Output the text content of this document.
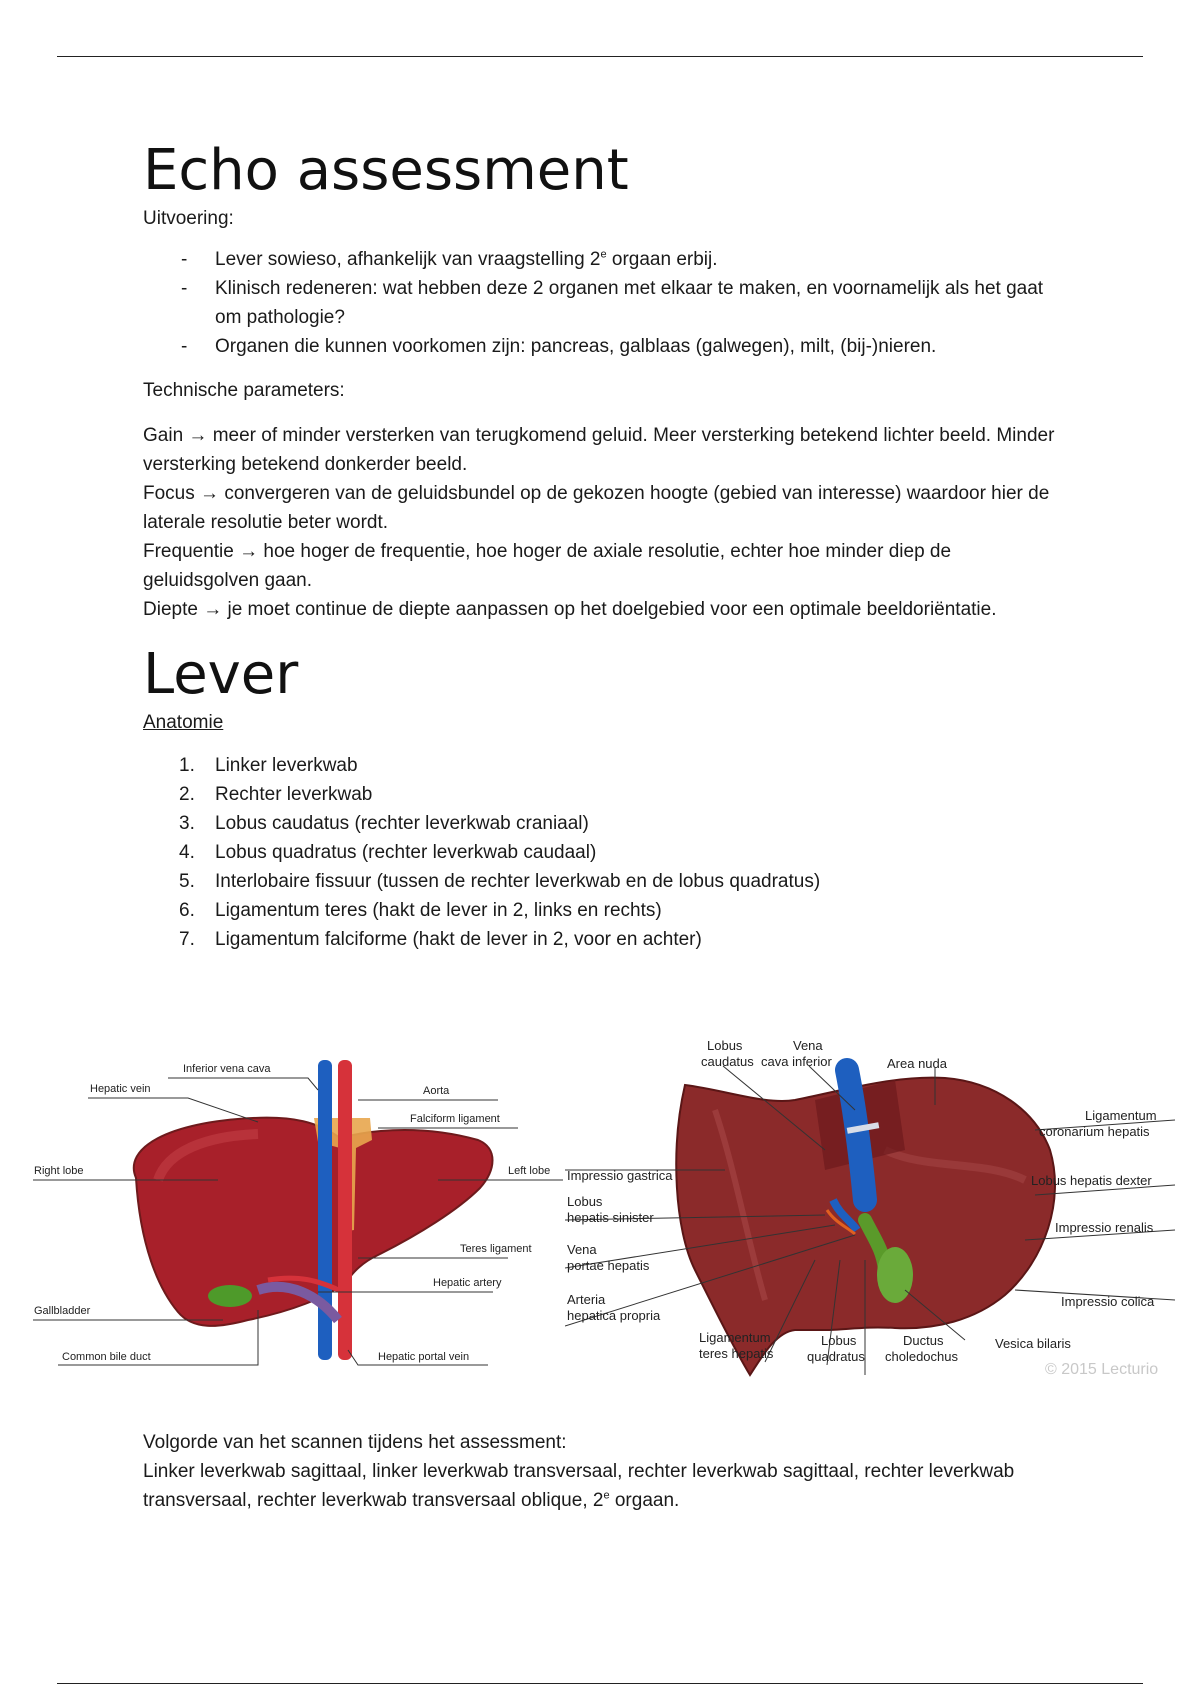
Echo assessment

Uitvoering:

- Lever sowieso, afhankelijk van vraagstelling 2e orgaan erbij.
- Klinisch redeneren: wat hebben deze 2 organen met elkaar te maken, en voornamelijk als het gaat om pathologie?
- Organen die kunnen voorkomen zijn: pancreas, galblaas (galwegen), milt, (bij-)nieren.

Technische parameters:

Gain → meer of minder versterken van terugkomend geluid. Meer versterking betekend lichter beeld. Minder versterking betekend donkerder beeld.

Focus → convergeren van de geluidsbundel op de gekozen hoogte (gebied van interesse) waardoor hier de laterale resolutie beter wordt.

Frequentie → hoe hoger de frequentie, hoe hoger de axiale resolutie, echter hoe minder diep de geluidsgolven gaan.

Diepte → je moet continue de diepte aanpassen op het doelgebied voor een optimale beeldoriëntatie.

Lever

Anatomie

1. Linker leverkwab
2. Rechter leverkwab
3. Lobus caudatus (rechter leverkwab craniaal)
4. Lobus quadratus (rechter leverkwab caudaal)
5. Interlobaire fissuur (tussen de rechter leverkwab en de lobus quadratus)
6. Ligamentum teres (hakt de lever in 2, links en rechts)
7. Ligamentum falciforme (hakt de lever in 2, voor en achter)
Inferior vena cava
Hepatic vein	Aorta
Falciform ligament
Right lobe	Left lobe
Teres ligament
Hepatic artery
Gallbladder
Common bile duct	Hepatic portal vein
Lobus
caudatus
Vena
cava inferior	Area nuda
Ligamentum
coronarium hepatis
Impressio gastrica	Lobus hepatis dexter
Lobus
hepatis sinister
Impressio renalis
Vena
portae hepatis
Arteria
hepatica propria
Impressio colica
Ligamentum
teres hepatis
Lobus
quadratus
Ductus
choledochus
Vesica bilaris
© 2015 Lecturio

Volgorde van het scannen tijdens het assessment:

Linker leverkwab sagittaal, linker leverkwab transversaal, rechter leverkwab sagittaal, rechter leverkwab transversaal, rechter leverkwab transversaal oblique, 2e orgaan.
